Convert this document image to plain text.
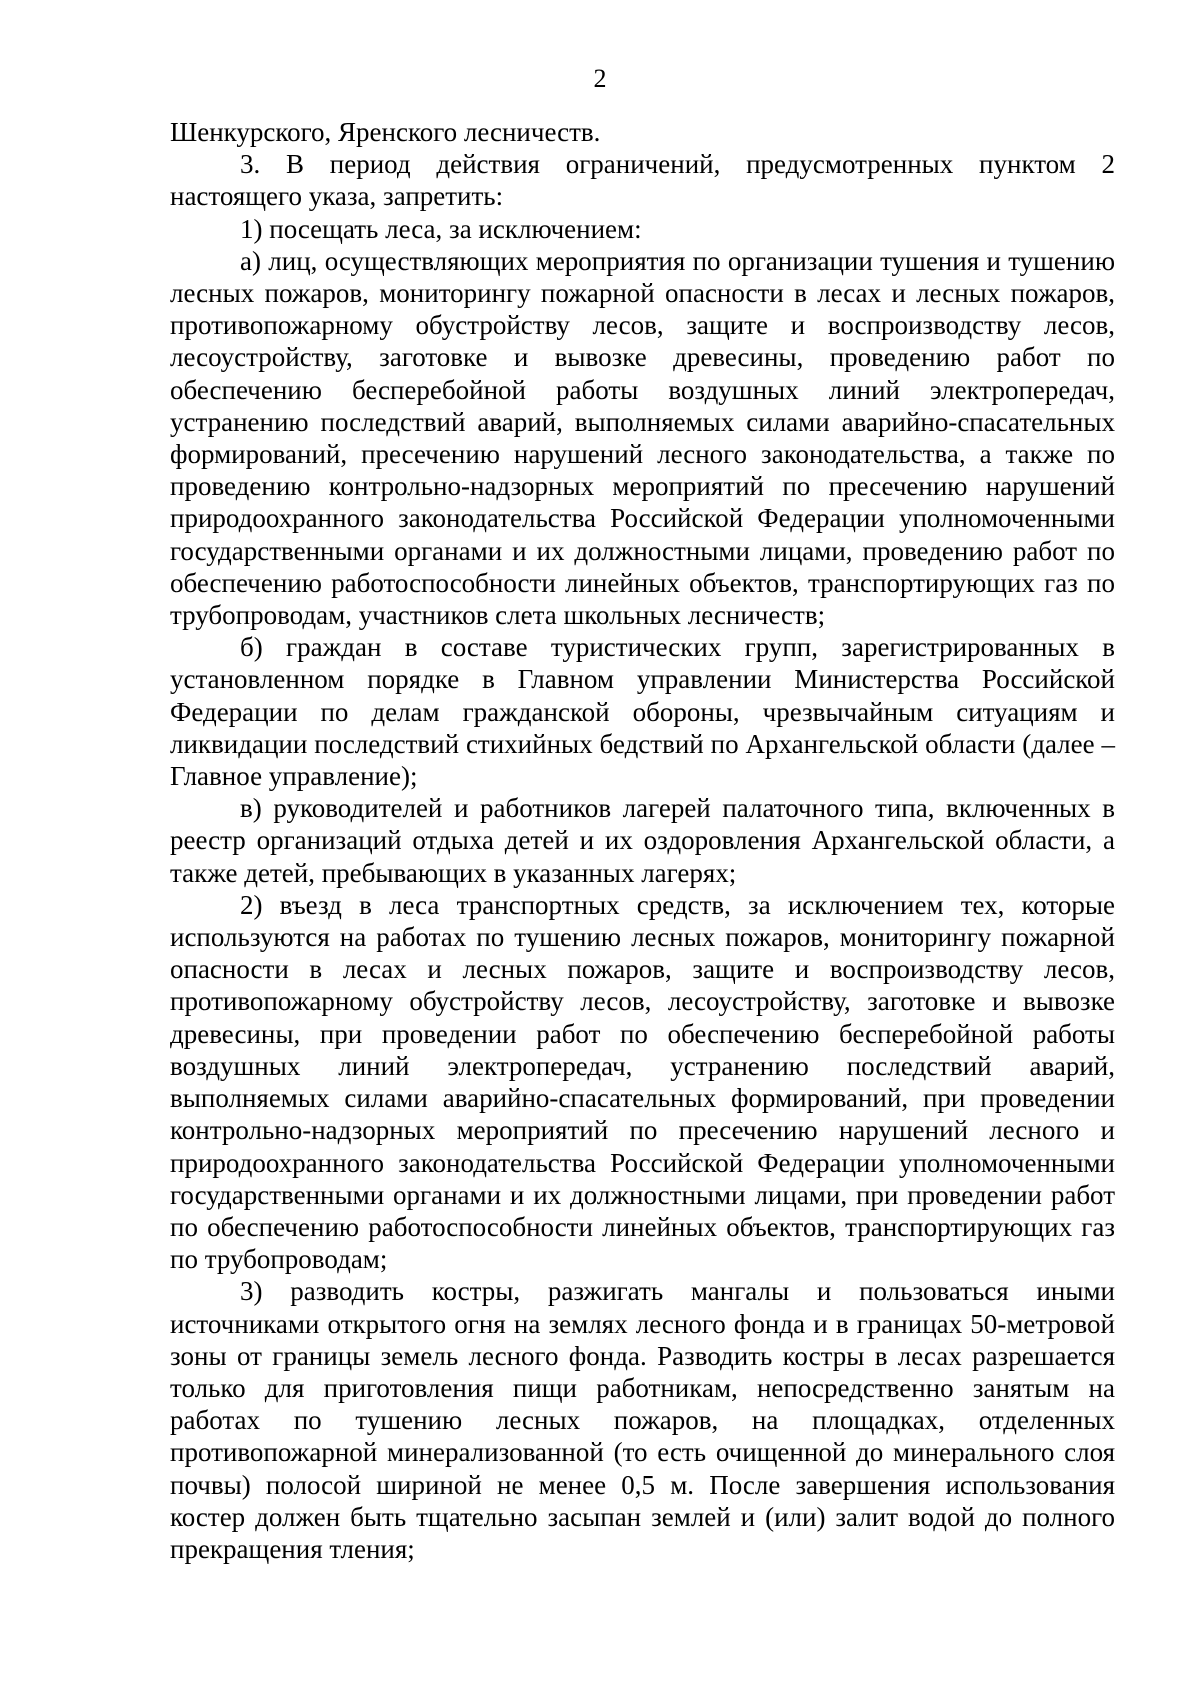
2

Шенкурского, Яренского лесничеств.

3. В период действия ограничений, предусмотренных пунктом 2 настоящего указа, запретить:

1) посещать леса, за исключением:

а) лиц, осуществляющих мероприятия по организации тушения и тушению лесных пожаров, мониторингу пожарной опасности в лесах и лесных пожаров, противопожарному обустройству лесов, защите и воспроизводству лесов, лесоустройству, заготовке и вывозке древесины, проведению работ по обеспечению бесперебойной работы воздушных линий электропередач, устранению последствий аварий, выполняемых силами аварийно-спасательных формирований, пресечению нарушений лесного законодательства, а также по проведению контрольно-надзорных мероприятий по пресечению нарушений природоохранного законодательства Российской Федерации уполномоченными государственными органами и их должностными лицами, проведению работ по обеспечению работоспособности линейных объектов, транспортирующих газ по трубопроводам, участников слета школьных лесничеств;

б) граждан в составе туристических групп, зарегистрированных в установленном порядке в Главном управлении Министерства Российской Федерации по делам гражданской обороны, чрезвычайным ситуациям и ликвидации последствий стихийных бедствий по Архангельской области (далее – Главное управление);

в) руководителей и работников лагерей палаточного типа, включенных в реестр организаций отдыха детей и их оздоровления Архангельской области, а также детей, пребывающих в указанных лагерях;

2) въезд в леса транспортных средств, за исключением тех, которые используются на работах по тушению лесных пожаров, мониторингу пожарной опасности в лесах и лесных пожаров, защите и воспроизводству лесов, противопожарному обустройству лесов, лесоустройству, заготовке и вывозке древесины, при проведении работ по обеспечению бесперебойной работы воздушных линий электропередач, устранению последствий аварий, выполняемых силами аварийно-спасательных формирований, при проведении контрольно-надзорных мероприятий по пресечению нарушений лесного и природоохранного законодательства Российской Федерации уполномоченными государственными органами и их должностными лицами, при проведении работ по обеспечению работоспособности линейных объектов, транспортирующих газ по трубопроводам;

3) разводить костры, разжигать мангалы и пользоваться иными источниками открытого огня на землях лесного фонда и в границах 50-метровой зоны от границы земель лесного фонда. Разводить костры в лесах разрешается только для приготовления пищи работникам, непосредственно занятым на работах по тушению лесных пожаров, на площадках, отделенных противопожарной минерализованной (то есть очищенной до минерального слоя почвы) полосой шириной не менее 0,5 м. После завершения использования костер должен быть тщательно засыпан землей и (или) залит водой до полного прекращения тления;
